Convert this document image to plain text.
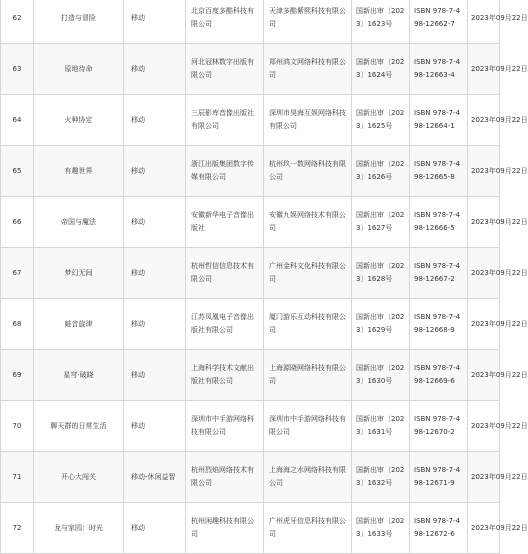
62	打造与冒险	移动	北京百度多酷科技有限公司	天津多酷紫熙科技有限公司	国新出审〔2023〕1623号	ISBN 978-7-498-12662-7	2023年09月22日
63	原地待命	移动	河北冠林数字出版有限公司	郑州鸿文网络科技有限公司	国新出审〔2023〕1624号	ISBN 978-7-498-12663-4	2023年09月22日
64	火种协定	移动	三辰影库音像出版社有限公司	深圳市昊海互娱网络科技有限公司	国新出审〔2023〕1625号	ISBN 978-7-498-12664-1	2023年09月22日
65	有趣世界	移动	浙江出版集团数字传媒有限公司	杭州玖一数网络科技有限公司	国新出审〔2023〕1626号	ISBN 978-7-498-12665-8	2023年09月22日
66	帝国与魔法	移动	安徽新华电子音像出版社	安徽九娱网络技术有限公司	国新出审〔2023〕1627号	ISBN 978-7-498-12666-5	2023年09月22日
67	梦幻无间	移动	杭州哲信信息技术有限公司	广州金科文化科技有限公司	国新出审〔2023〕1628号	ISBN 978-7-498-12667-2	2023年09月22日
68	蛙音旋律	移动	江苏凤凰电子音像出版社有限公司	厦门游乐互动科技有限公司	国新出审〔2023〕1629号	ISBN 978-7-498-12668-9	2023年09月22日
69	星穹·破晓	移动	上海科学技术文献出版社有限公司	上海源晓网络科技有限公司	国新出审〔2023〕1630号	ISBN 978-7-498-12669-6	2023年09月22日
70	聊天群的日常生活	移动	深圳市中手游网络科技有限公司	深圳市中手游网络科技有限公司	国新出审〔2023〕1631号	ISBN 978-7-498-12670-2	2023年09月22日
71	开心大闯关	移动-休闲益智	杭州烈焰网络技术有限公司	上海海之水网络科技有限公司	国新出审〔2023〕1632号	ISBN 978-7-498-12671-9	2023年09月22日
72	龙与家园：时光	移动	杭州闲趣科技有限公司	广州虎牙信息科技有限公司	国新出审〔2023〕1633号	ISBN 978-7-498-12672-6	2023年09月22日
